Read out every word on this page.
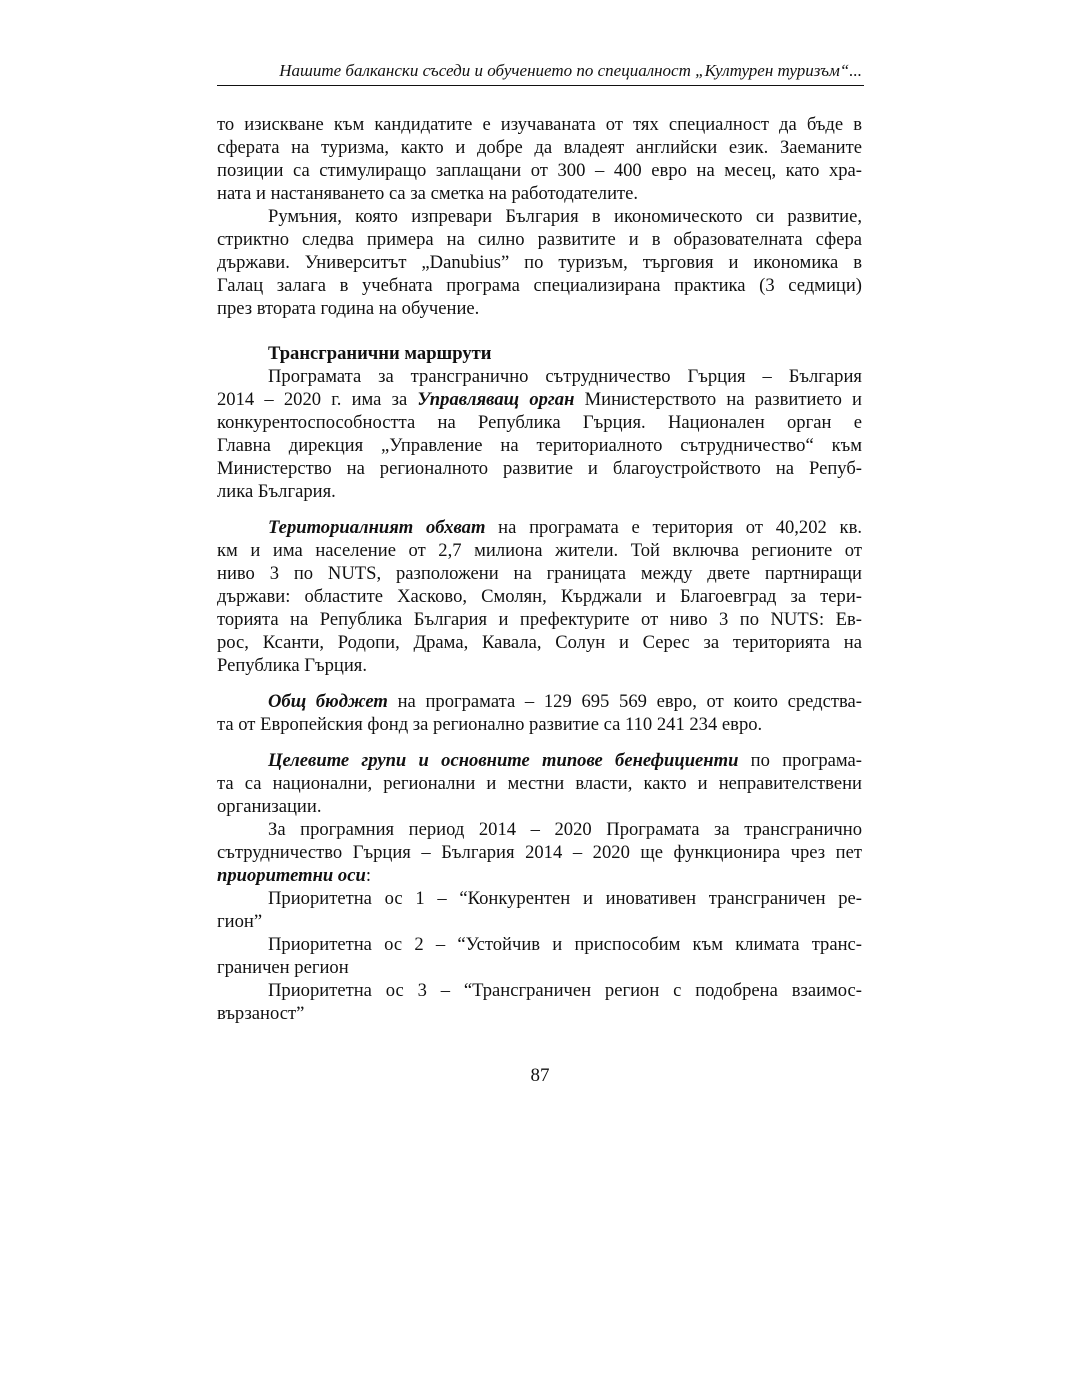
Нашите балкански съседи и обучението по специалност „Културен туризъм“...
то изискване към кандидатите е изучаваната от тях специалност да бъде в
сферата на туризма, както и добре да владеят английски език. Заеманите
позиции са стимулиращо заплащани от 300 – 400 евро на месец, като хра-
ната и настаняването са за сметка на работодателите.
Румъния, която изпревари България в икономическото си развитие,
стриктно следва примера на силно развитите и в образователната сфера
държави. Университът „Danubius” по туризъм, търговия и икономика в
Галац залага в учебната програма специализирана практика (3 седмици)
през втората година на обучение.
Трансгранични маршрути
Програмата за трансгранично сътрудничество Гърция – България
2014 – 2020 г. има за Управляващ орган Министерството на развитието и
конкурентоспособността на Република Гърция. Национален орган е
Главна дирекция „Управление на териториалното сътрудничество“ към
Министерство на регионалното развитие и благоустройството на Репуб-
лика България.
Териториалният обхват на програмата е територия от 40,202 кв.
км и има население от 2,7 милиона жители. Той включва регионите от
ниво 3 по NUTS, разположени на границата между двете партниращи
държави: областите Хасково, Смолян, Кърджали и Благоевград за тери-
торията на Република България и префектурите от ниво 3 по NUTS: Ев-
рос, Ксанти, Родопи, Драма, Кавала, Солун и Серес за територията на
Република Гърция.
Общ бюджет на програмата – 129 695 569 евро, от които средства-
та от Европейския фонд за регионално развитие са 110 241 234 евро.
Целевите групи и основните типове бенефициенти по програма-
та са национални, регионални и местни власти, както и неправителствени
организации.
За програмния период 2014 – 2020 Програмата за трансгранично
сътрудничество Гърция – България 2014 – 2020 ще функционира чрез пет
приоритетни оси:
Приоритетна ос 1 – “Конкурентен и иновативен трансграничен ре-
гион”
Приоритетна ос 2 – “Устойчив и приспособим към климата транс-
граничен регион
Приоритетна ос 3 – “Трансграничен регион с подобрена взаимос-
вързаност”
87
